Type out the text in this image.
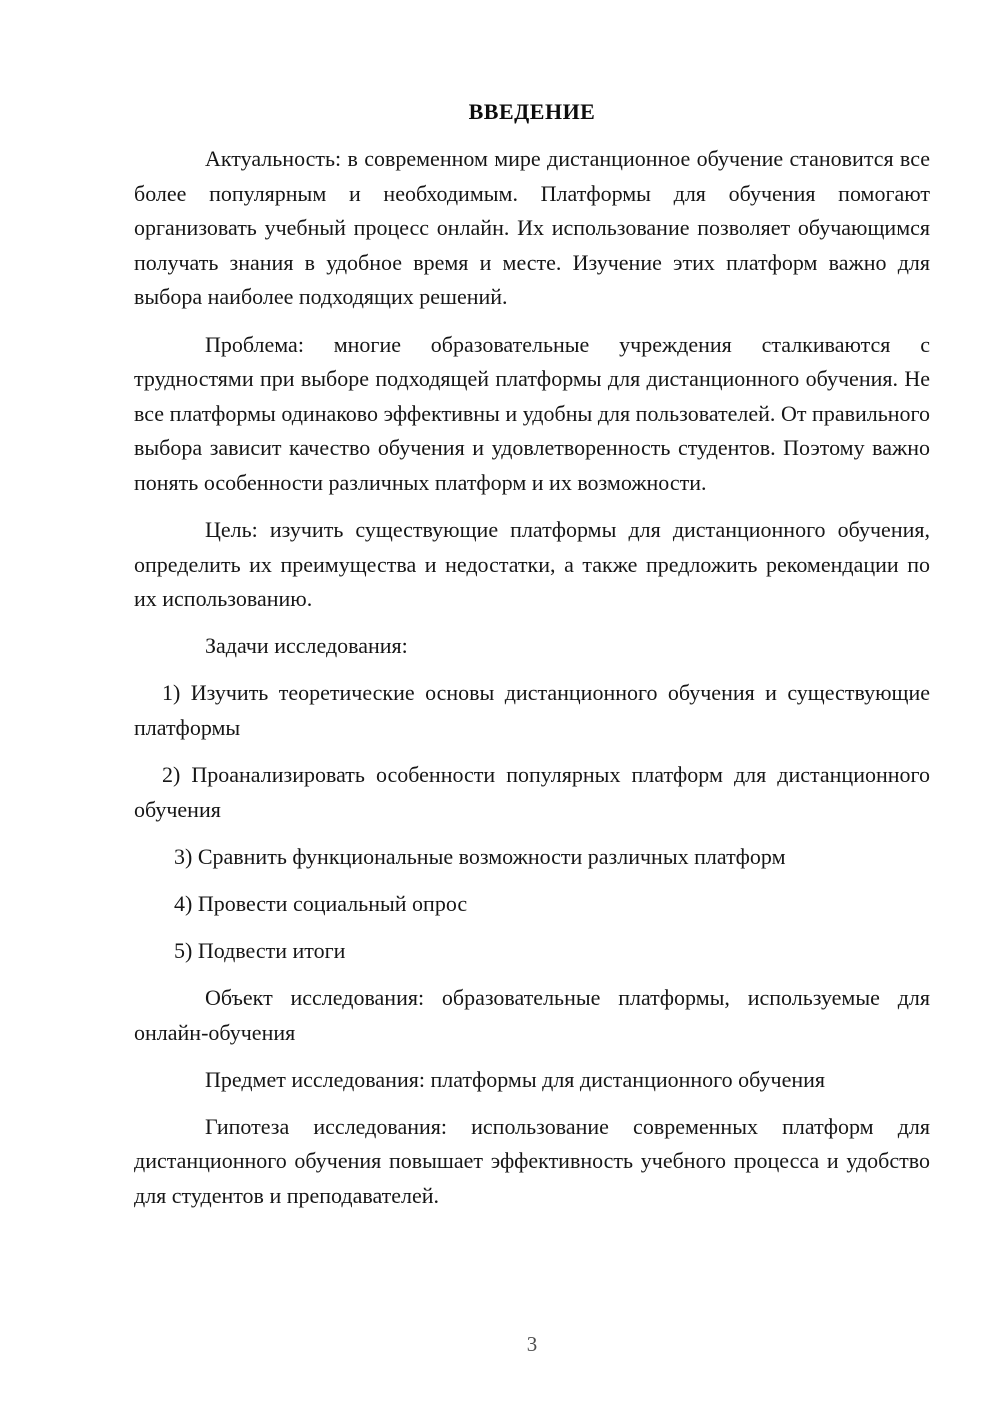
ВВЕДЕНИЕ

Актуальность: в современном мире дистанционное обучение становится все более популярным и необходимым. Платформы для обучения помогают организовать учебный процесс онлайн. Их использование позволяет обучающимся получать знания в удобное время и месте. Изучение этих платформ важно для выбора наиболее подходящих решений.

Проблема: многие образовательные учреждения сталкиваются с трудностями при выборе подходящей платформы для дистанционного обучения. Не все платформы одинаково эффективны и удобны для пользователей. От правильного выбора зависит качество обучения и удовлетворенность студентов. Поэтому важно понять особенности различных платформ и их возможности.

Цель: изучить существующие платформы для дистанционного обучения, определить их преимущества и недостатки, а также предложить рекомендации по их использованию.

Задачи исследования:

1) Изучить теоретические основы дистанционного обучения и существующие платформы

2) Проанализировать особенности популярных платформ для дистанционного обучения

3) Сравнить функциональные возможности различных платформ

4) Провести социальный опрос

5) Подвести итоги

Объект исследования: образовательные платформы, используемые для онлайн-обучения

Предмет исследования: платформы для дистанционного обучения

Гипотеза исследования: использование современных платформ для дистанционного обучения повышает эффективность учебного процесса и удобство для студентов и преподавателей.

3
